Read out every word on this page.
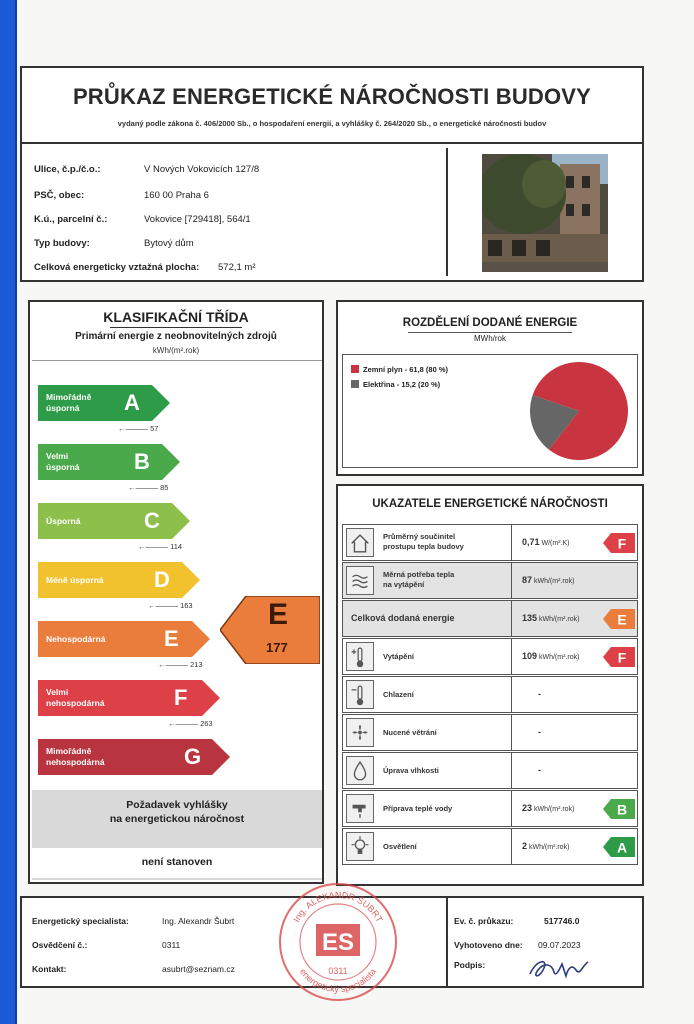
PRŮKAZ ENERGETICKÉ NÁROČNOSTI BUDOVY
vydaný podle zákona č. 406/2000 Sb., o hospodaření energií, a vyhlášky č. 264/2020 Sb., o energetické náročnosti budov
Ulice, č.p./č.o.:	V Nových Vokovicích 127/8
PSČ, obec:	160 00 Praha 6
K.ú., parcelní č.:	Vokovice [729418], 564/1
Typ budovy:	Bytový dům
Celková energeticky vztažná plocha: 572,1 m²
KLASIFIKAČNÍ TŘÍDA
Primární energie z neobnovitelných zdrojů
kWh/(m².rok)
Mimořádně
úsporná	A
←——— 57
Velmi
úsporná B
←——— 85
Úsporná	C
←——— 114
Méně úsporná D
←——— 163
Nehospodárná	E
←——— 213
Velmi
nehospodárná	F
←——— 263
Mimořádně
nehospodárná	G
Požadavek vyhlášky
na energetickou náročnost
není stanoven
E
177
ROZDĚLENÍ DODANÉ ENERGIE
MWh/rok
Zemní plyn - 61,8 (80 %)
Elektřina - 15,2 (20 %)
UKAZATELE ENERGETICKÉ NÁROČNOSTI
Průměrný součinitel
prostupu tepla budovy	0,71 W/(m².K)	F
Měrná potřeba tepla
na vytápění	87 kWh/(m².rok)
Celková dodaná energie	135 kWh/(m².rok)	E
Vytápění	109 kWh/(m².rok)	F
Chlazení	-
Nucené větrání	-
Úprava vlhkosti	-
Příprava teplé vody	23 kWh/(m².rok)	B
Osvětlení	2 kWh/(m².rok)	A
Energetický specialista:	Ing. Alexandr Šubrt
Osvědčení č.:	0311
Kontakt:	asubrt@seznam.cz
Ev. č. průkazu:	517746.0
Vyhotoveno dne: 09.07.2023
Podpis:
Ing. ALEXANDR ŠUBRT
energetický specialista
ES
0311
